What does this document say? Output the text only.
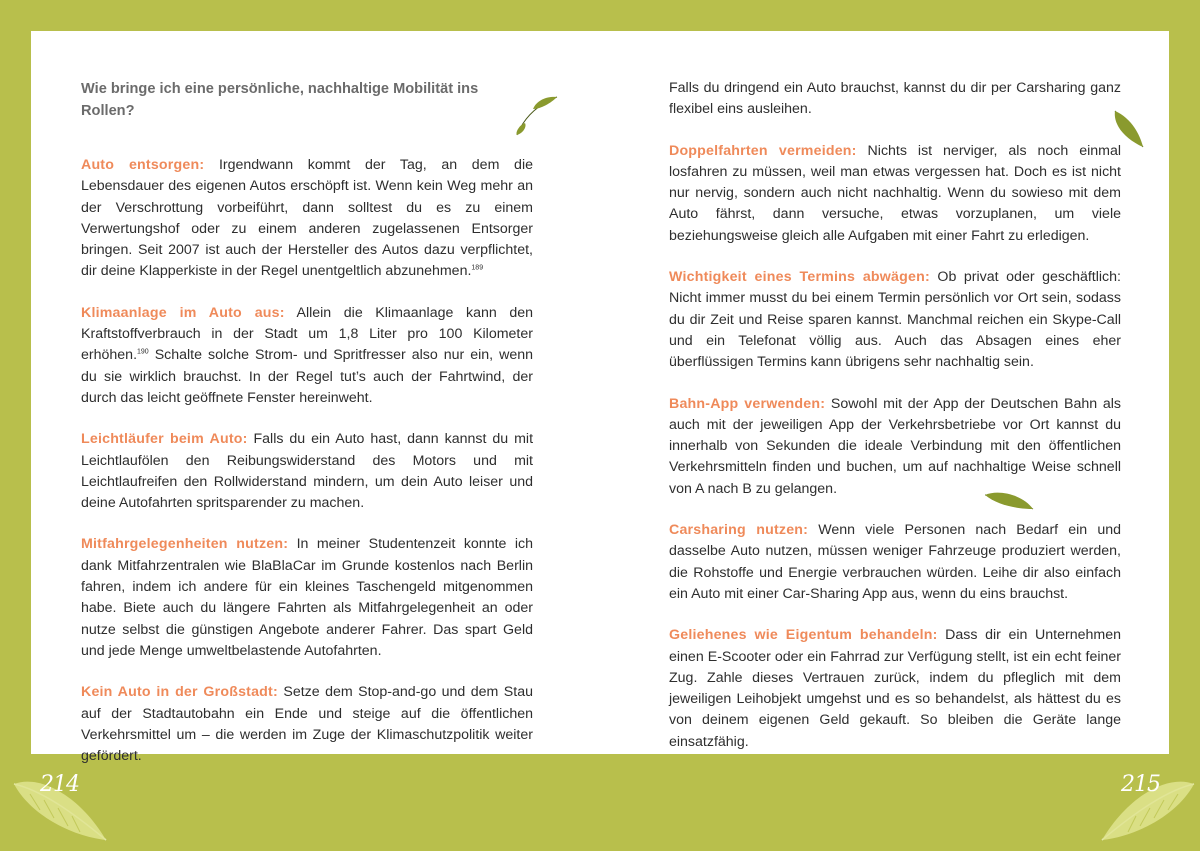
Wie bringe ich eine persönliche, nachhaltige Mobilität ins Rollen?

Auto entsorgen: Irgendwann kommt der Tag, an dem die Lebensdauer des eigenen Autos erschöpft ist. Wenn kein Weg mehr an der Verschrottung vorbeiführt, dann solltest du es zu einem Verwertungshof oder zu einem anderen zugelassenen Entsorger bringen. Seit 2007 ist auch der Hersteller des Autos dazu verpflichtet, dir deine Klapperkiste in der Regel unentgeltlich abzunehmen.$^{189}$

Klimaanlage im Auto aus: Allein die Klimaanlage kann den Kraftstoffverbrauch in der Stadt um 1,8 Liter pro 100 Kilometer erhöhen.$^{190}$ Schalte solche Strom- und Spritfresser also nur ein, wenn du sie wirklich brauchst. In der Regel tut’s auch der Fahrtwind, der durch das leicht geöffnete Fenster hereinweht.

Leichtläufer beim Auto: Falls du ein Auto hast, dann kannst du mit Leichtlaufölen den Reibungswiderstand des Motors und mit Leichtlaufreifen den Rollwiderstand mindern, um dein Auto leiser und deine Autofahrten spritsparender zu machen.

Mitfahrgelegenheiten nutzen: In meiner Studentenzeit konnte ich dank Mitfahrzentralen wie BlaBlaCar im Grunde kostenlos nach Berlin fahren, indem ich andere für ein kleines Taschengeld mitgenommen habe. Biete auch du längere Fahrten als Mitfahrgelegenheit an oder nutze selbst die günstigen Angebote anderer Fahrer. Das spart Geld und jede Menge umweltbelastende Autofahrten.

Kein Auto in der Großstadt: Setze dem Stop-and-go und dem Stau auf der Stadtautobahn ein Ende und steige auf die öffentlichen Verkehrsmittel um – die werden im Zuge der Klimaschutzpolitik weiter gefördert.

Falls du dringend ein Auto brauchst, kannst du dir per Carsharing ganz flexibel eins ausleihen.

Doppelfahrten vermeiden: Nichts ist nerviger, als noch einmal losfahren zu müssen, weil man etwas vergessen hat. Doch es ist nicht nur nervig, sondern auch nicht nachhaltig. Wenn du sowieso mit dem Auto fährst, dann versuche, etwas vorzuplanen, um viele beziehungsweise gleich alle Aufgaben mit einer Fahrt zu erledigen.

Wichtigkeit eines Termins abwägen: Ob privat oder geschäftlich: Nicht immer musst du bei einem Termin persönlich vor Ort sein, sodass du dir Zeit und Reise sparen kannst. Manchmal reichen ein Skype-Call und ein Telefonat völlig aus. Auch das Absagen eines eher überflüssigen Termins kann übrigens sehr nachhaltig sein.

Bahn-App verwenden: Sowohl mit der App der Deutschen Bahn als auch mit der jeweiligen App der Verkehrsbetriebe vor Ort kannst du innerhalb von Sekunden die ideale Verbindung mit den öffentlichen Verkehrsmitteln finden und buchen, um auf nachhaltige Weise schnell von A nach B zu gelangen.

Carsharing nutzen: Wenn viele Personen nach Bedarf ein und dasselbe Auto nutzen, müssen weniger Fahrzeuge produziert werden, die Rohstoffe und Energie verbrauchen würden. Leihe dir also einfach ein Auto mit einer Car-Sharing App aus, wenn du eins brauchst.

Geliehenes wie Eigentum behandeln: Dass dir ein Unternehmen einen E-Scooter oder ein Fahrrad zur Verfügung stellt, ist ein echt feiner Zug. Zahle dieses Vertrauen zurück, indem du pfleglich mit dem jeweiligen Leihobjekt umgehst und es so behandelst, als hättest du es von deinem eigenen Geld gekauft. So bleiben die Geräte lange einsatzfähig.

214	215
